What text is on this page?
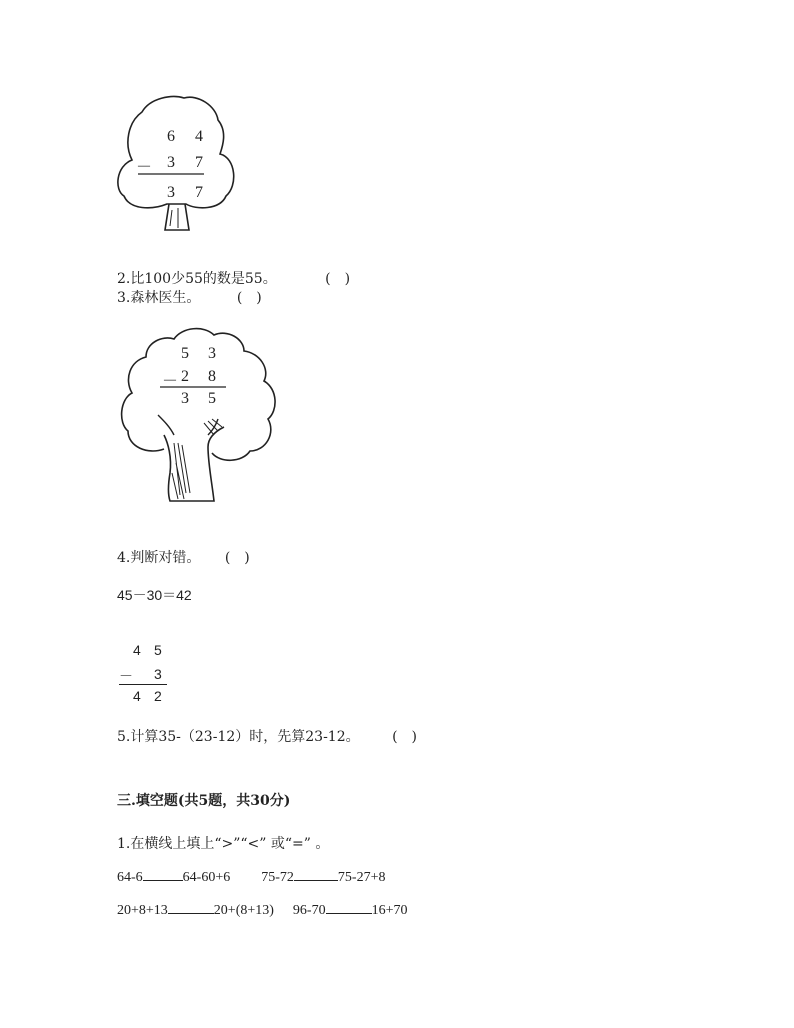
6 4
－ 3 7
3 7
2.比100少55的数是55。	(　)
3.森林医生。	(　)
5 3
－ 2 8
3 5
4.判断对错。 (　)
45－30＝42
4 5
－ 3
4 2
5.计算35-（23-12）时，先算23-12。 (　)
三.填空题(共5题，共30分)
1.在横线上填上“>”“<” 或“=” 。
64-6	64-60+6 75-72	75-27+8
20+8+13	20+(8+13) 96-70	16+70
